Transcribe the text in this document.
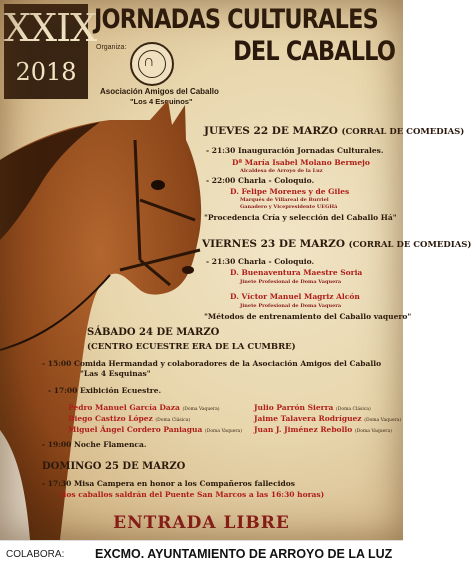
XXIX
2018
JORNADAS CULTURALES
Organiza:	DEL CABALLO
∩
Asociación Amigos del Caballo
"Los 4 Esquinos"
JUEVES 22 DE MARZO (CORRAL DE COMEDIAS)
- 21:30 Inauguración Jornadas Culturales.
Dª María Isabel Molano Bermejo
Alcaldesa de Arroyo de la Luz
- 22:00 Charla - Coloquio.
D. Felipe Morenes y de Giles
Marqués de Villareal de Burriel
Ganadero y Vicepresidente UEGHá
"Procedencia Cría y selección del Caballo Há"
VIERNES 23 DE MARZO (CORRAL DE COMEDIAS)
- 21:30 Charla - Coloquio.
D. Buenaventura Maestre Soria
Jinete Profesional de Doma Vaquera
D. Víctor Manuel Magriz Alcón
Jinete Profesional de Doma Vaquera
"Métodos de entrenamiento del Caballo vaquero"
SÁBADO 24 DE MARZO
(CENTRO ECUESTRE ERA DE LA CUMBRE)
- 15:00 Comida Hermandad y colaboradores de la Asociación Amigos del Caballo
"Las 4 Esquinas"
- 17:00 Exibición Ecuestre.
Pedro Manuel García Daza (Doma Vaquera)
Diego Castizo López (Doma Clásica)
Miguel Ángel Cordero Paniagua (Doma Vaquera)
Julio Parrón Sierra (Doma Clásica)
Jaime Talavera Rodríguez (Doma Vaquera)
Juan J. Jiménez Rebollo (Doma Vaquera)
- 19:00 Noche Flamenca.
DOMINGO 25 DE MARZO
- 17:30 Misa Campera en honor a los Compañeros fallecidos
(los caballos saldrán del Puente San Marcos a las 16:30 horas)
ENTRADA LIBRE
COLABORA: EXCMO. AYUNTAMIENTO DE ARROYO DE LA LUZ
